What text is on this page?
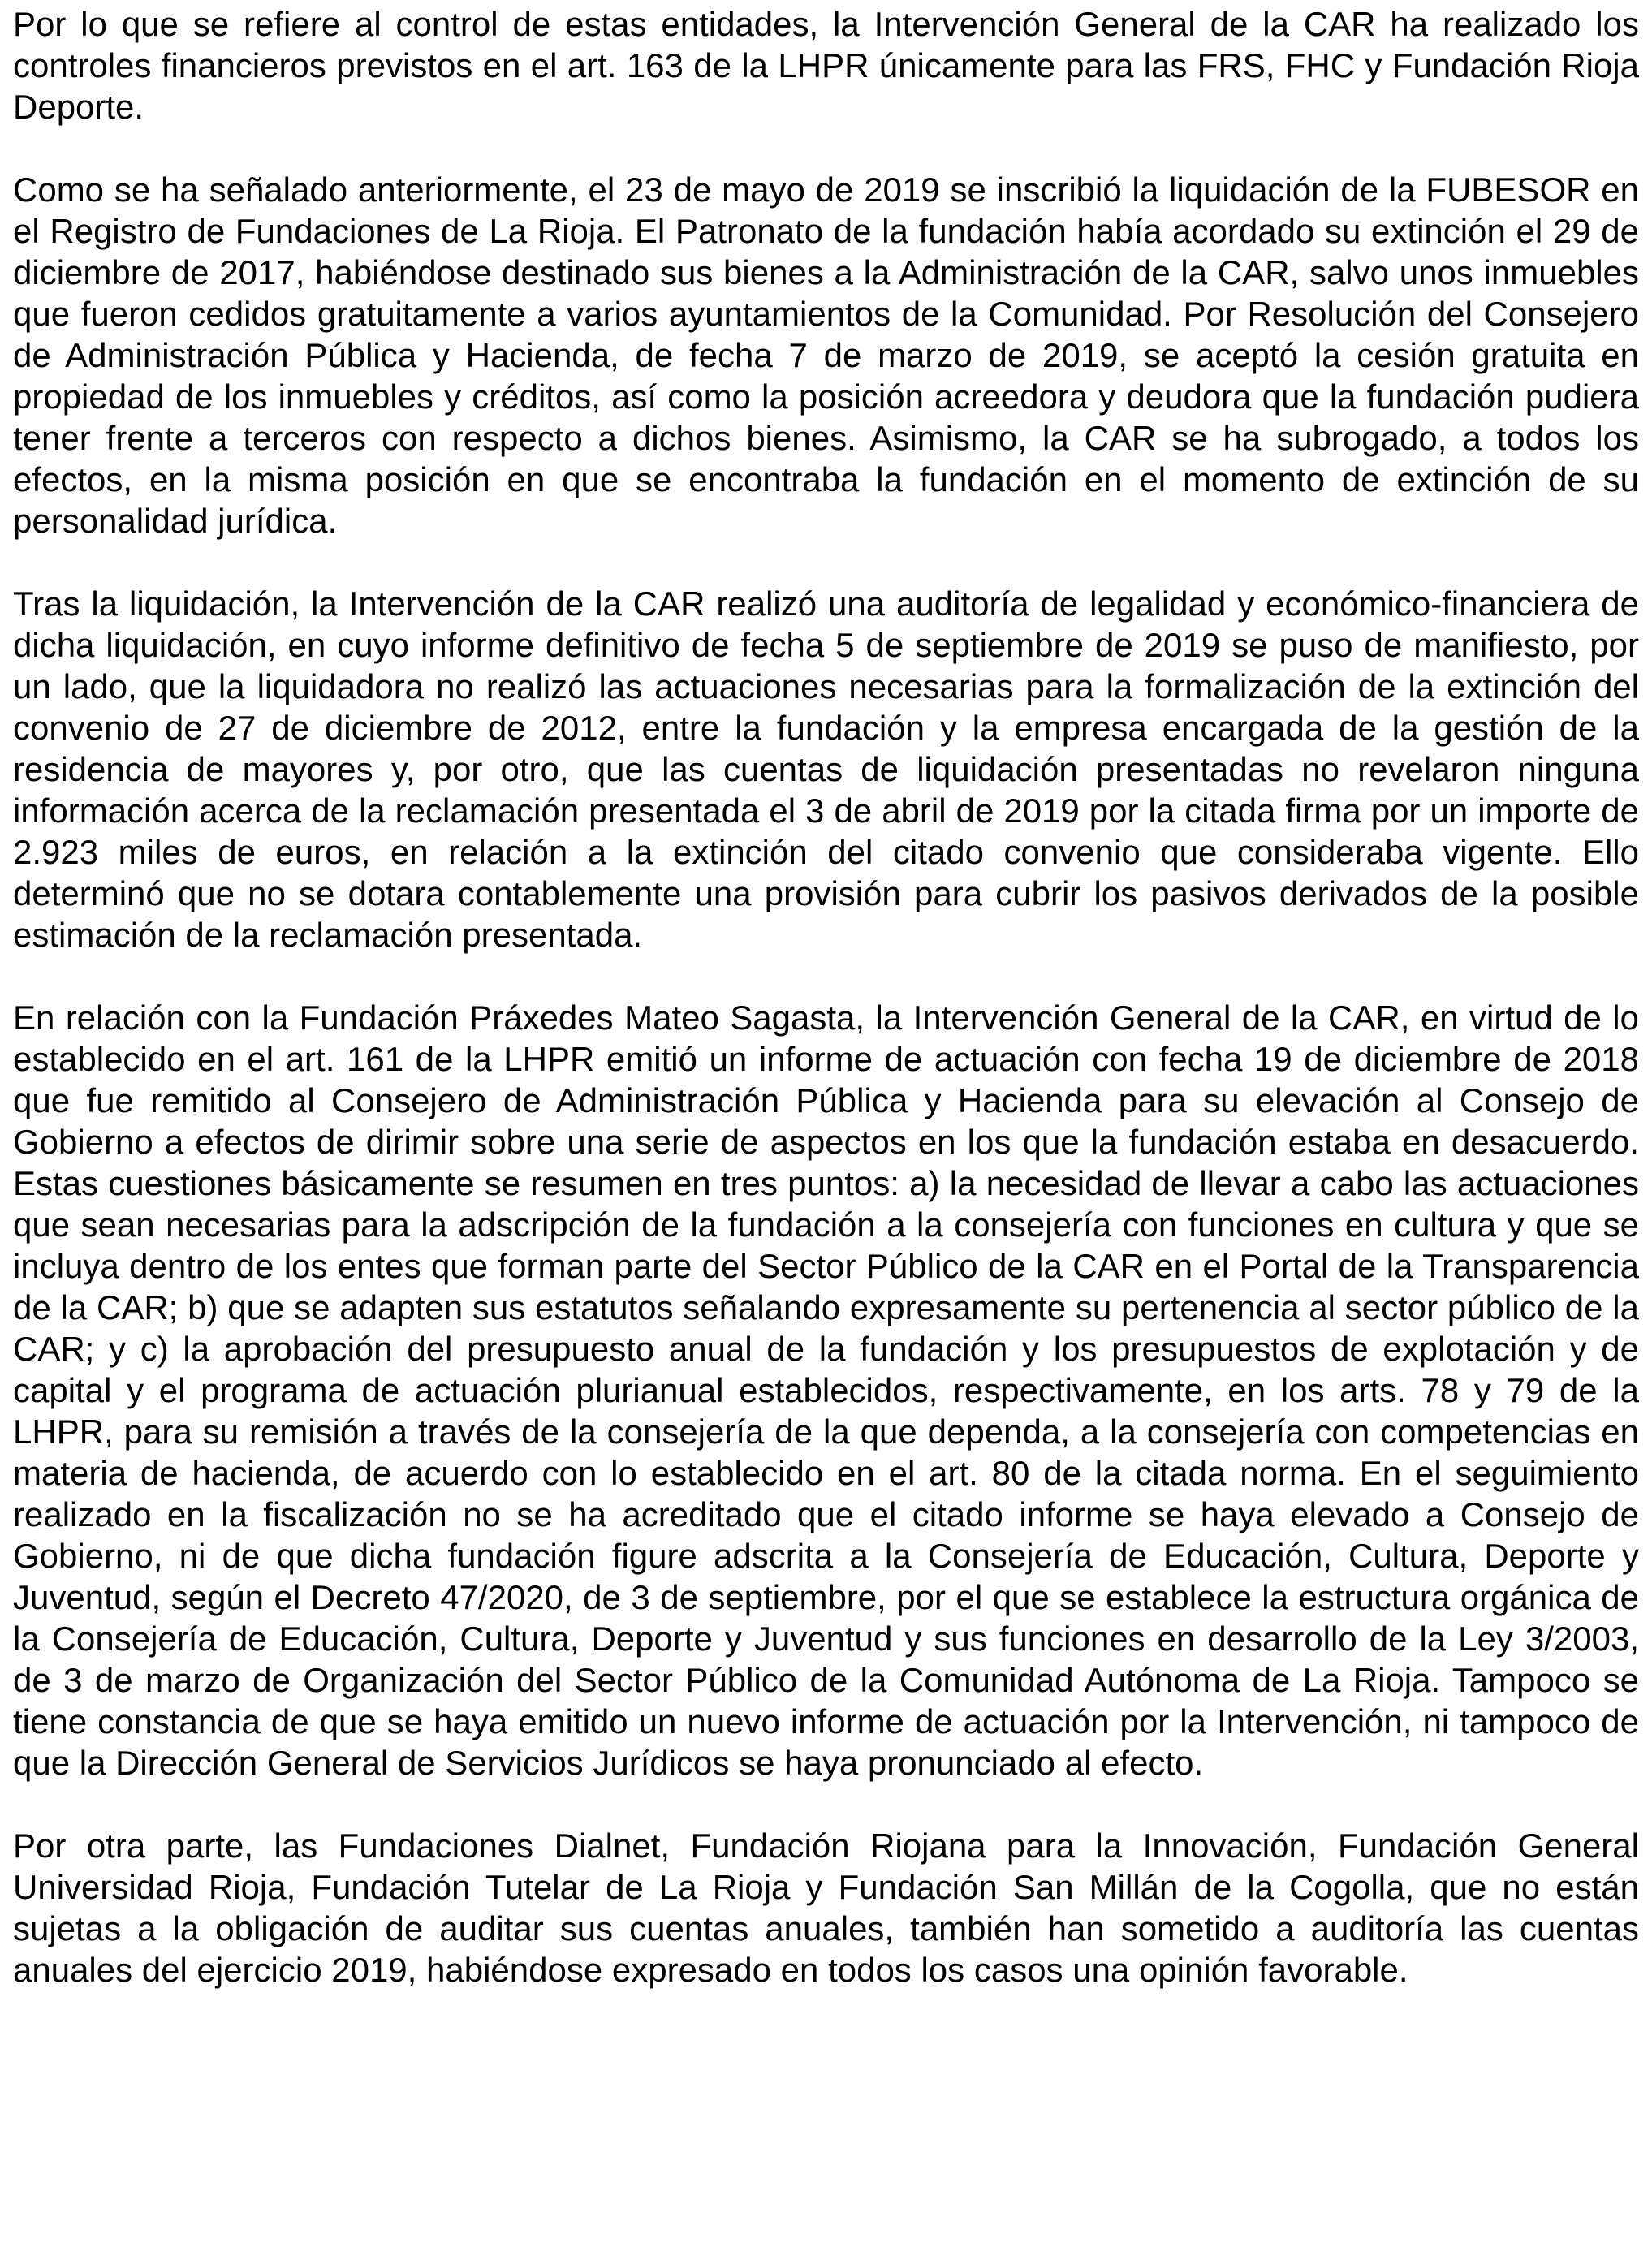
Por lo que se refiere al control de estas entidades, la Intervención General de la CAR ha realizado los controles financieros previstos en el art. 163 de la LHPR únicamente para las FRS, FHC y Fundación Rioja Deporte.

Como se ha señalado anteriormente, el 23 de mayo de 2019 se inscribió la liquidación de la FUBESOR en el Registro de Fundaciones de La Rioja. El Patronato de la fundación había acordado su extinción el 29 de diciembre de 2017, habiéndose destinado sus bienes a la Administración de la CAR, salvo unos inmuebles que fueron cedidos gratuitamente a varios ayuntamientos de la Comunidad. Por Resolución del Consejero de Administración Pública y Hacienda, de fecha 7 de marzo de 2019, se aceptó la cesión gratuita en propiedad de los inmuebles y créditos, así como la posición acreedora y deudora que la fundación pudiera tener frente a terceros con respecto a dichos bienes. Asimismo, la CAR se ha subrogado, a todos los efectos, en la misma posición en que se encontraba la fundación en el momento de extinción de su personalidad jurídica.

Tras la liquidación, la Intervención de la CAR realizó una auditoría de legalidad y económico-financiera de dicha liquidación, en cuyo informe definitivo de fecha 5 de septiembre de 2019 se puso de manifiesto, por un lado, que la liquidadora no realizó las actuaciones necesarias para la formalización de la extinción del convenio de 27 de diciembre de 2012, entre la fundación y la empresa encargada de la gestión de la residencia de mayores y, por otro, que las cuentas de liquidación presentadas no revelaron ninguna información acerca de la reclamación presentada el 3 de abril de 2019 por la citada firma por un importe de 2.923 miles de euros, en relación a la extinción del citado convenio que consideraba vigente. Ello determinó que no se dotara contablemente una provisión para cubrir los pasivos derivados de la posible estimación de la reclamación presentada.

En relación con la Fundación Práxedes Mateo Sagasta, la Intervención General de la CAR, en virtud de lo establecido en el art. 161 de la LHPR emitió un informe de actuación con fecha 19 de diciembre de 2018 que fue remitido al Consejero de Administración Pública y Hacienda para su elevación al Consejo de Gobierno a efectos de dirimir sobre una serie de aspectos en los que la fundación estaba en desacuerdo. Estas cuestiones básicamente se resumen en tres puntos: a) la necesidad de llevar a cabo las actuaciones que sean necesarias para la adscripción de la fundación a la consejería con funciones en cultura y que se incluya dentro de los entes que forman parte del Sector Público de la CAR en el Portal de la Transparencia de la CAR; b) que se adapten sus estatutos señalando expresamente su pertenencia al sector público de la CAR; y c) la aprobación del presupuesto anual de la fundación y los presupuestos de explotación y de capital y el programa de actuación plurianual establecidos, respectivamente, en los arts. 78 y 79 de la LHPR, para su remisión a través de la consejería de la que dependa, a la consejería con competencias en materia de hacienda, de acuerdo con lo establecido en el art. 80 de la citada norma. En el seguimiento realizado en la fiscalización no se ha acreditado que el citado informe se haya elevado a Consejo de Gobierno, ni de que dicha fundación figure adscrita a la Consejería de Educación, Cultura, Deporte y Juventud, según el Decreto 47/2020, de 3 de septiembre, por el que se establece la estructura orgánica de la Consejería de Educación, Cultura, Deporte y Juventud y sus funciones en desarrollo de la Ley 3/2003, de 3 de marzo de Organización del Sector Público de la Comunidad Autónoma de La Rioja. Tampoco se tiene constancia de que se haya emitido un nuevo informe de actuación por la Intervención, ni tampoco de que la Dirección General de Servicios Jurídicos se haya pronunciado al efecto.

Por otra parte, las Fundaciones Dialnet, Fundación Riojana para la Innovación, Fundación General Universidad Rioja, Fundación Tutelar de La Rioja y Fundación San Millán de la Cogolla, que no están sujetas a la obligación de auditar sus cuentas anuales, también han sometido a auditoría las cuentas anuales del ejercicio 2019, habiéndose expresado en todos los casos una opinión favorable.
